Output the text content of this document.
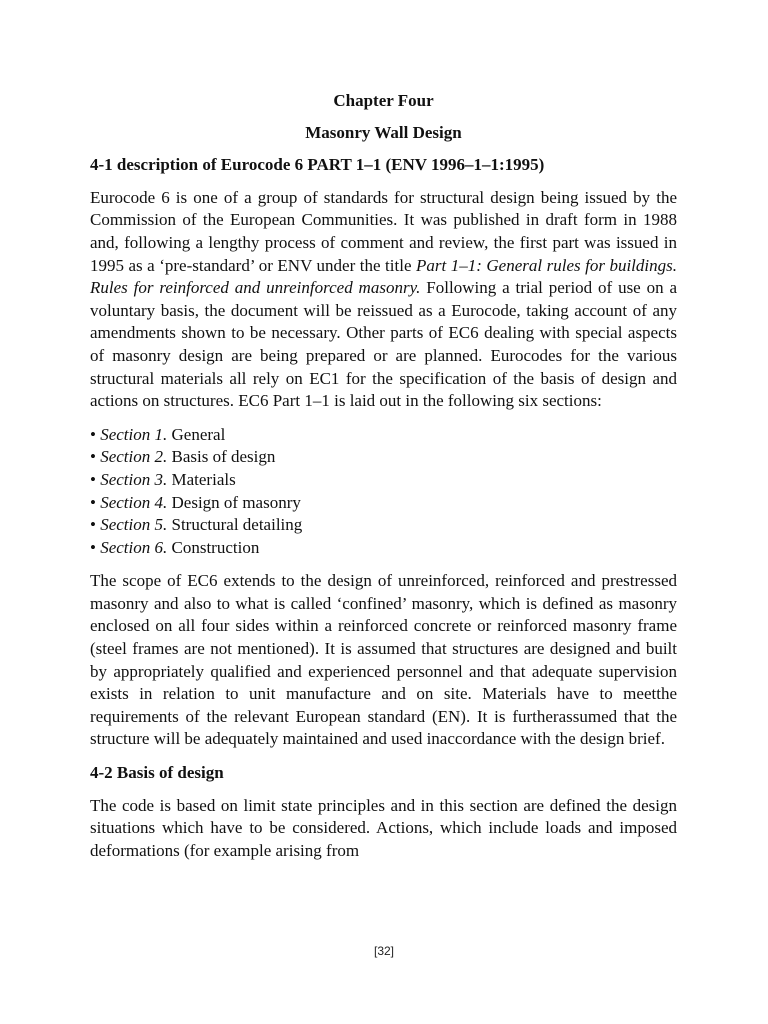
Chapter Four

Masonry Wall Design

4-1 description of Eurocode 6 PART 1–1 (ENV 1996–1–1:1995)

Eurocode 6 is one of a group of standards for structural design being issued by the Commission of the European Communities. It was published in draft form in 1988 and, following a lengthy process of comment and review, the first part was issued in 1995 as a ‘pre-standard’ or ENV under the title Part 1–1: General rules for buildings. Rules for reinforced and unreinforced masonry. Following a trial period of use on a voluntary basis, the document will be reissued as a Eurocode, taking account of any amendments shown to be necessary. Other parts of EC6 dealing with special aspects of masonry design are being prepared or are planned. Eurocodes for the various structural materials all rely on EC1 for the specification of the basis of design and actions on structures. EC6 Part 1–1 is laid out in the following six sections:

• Section 1. General
• Section 2. Basis of design
• Section 3. Materials
• Section 4. Design of masonry
• Section 5. Structural detailing
• Section 6. Construction

The scope of EC6 extends to the design of unreinforced, reinforced and prestressed masonry and also to what is called ‘confined’ masonry, which is defined as masonry enclosed on all four sides within a reinforced concrete or reinforced masonry frame (steel frames are not mentioned). It is assumed that structures are designed and built by appropriately qualified and experienced personnel and that adequate supervision exists in relation to unit manufacture and on site. Materials have to meetthe requirements of the relevant European standard (EN). It is furtherassumed that the structure will be adequately maintained and used inaccordance with the design brief.

4-2 Basis of design

The code is based on limit state principles and in this section are defined the design situations which have to be considered. Actions, which include loads and imposed deformations (for example arising from

[32]
